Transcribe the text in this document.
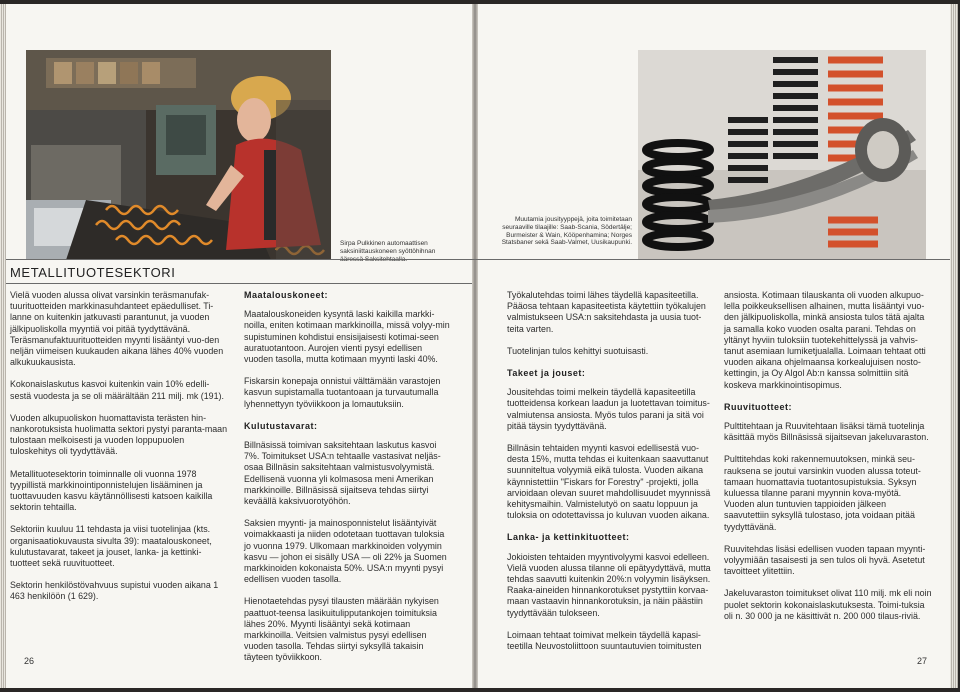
Sirpa Pulkkinen automaattisen saksiniittauskoneen syöttöhihnan
Muutamia jousityyppejä, joita toimitetaan seuraaville tilaajille: Saab-Scania, Södertälje; Burmeister & Wain, Kööpenhamina; Norges Statsbaner sekä Saab-Valmet, Uusikaupunki.
METALLITUOTESEKTORI

Vielä vuoden alussa olivat varsinkin teräsmanufak-tuurituotteiden markkinasuhdanteet epäedulliset. Ti-lanne on kuitenkin jatkuvasti parantunut, ja vuoden jälkipuoliskolla myyntiä voi pitää tyydyttävänä. Teräsmanufaktuurituotteiden myynti lisääntyi vuo-den neljän viimeisen kuukauden aikana lähes 40% vuoden alkukuukausista.

Kokonaislaskutus kasvoi kuitenkin vain 10% edelli-sestä vuodesta ja se oli määrältään 211 milj. mk (191).

Vuoden alkupuoliskon huomattavista terästen hin-nankorotuksista huolimatta sektori pystyi paranta-maan tulostaan melkoisesti ja vuoden loppupuolen tuloskehitys oli tyydyttävää.

Metallituotesektorin toiminnalle oli vuonna 1978 tyypillistä markkinointiponnistelujen lisääminen ja tuottavuuden kasvu käytännöllisesti katsoen kaikilla sektorin tehtailla.

Sektoriin kuuluu 11 tehdasta ja viisi tuotelinjaa (kts. organisaatiokuvausta sivulta 39): maatalouskoneet, kulutustavarat, takeet ja jouset, lanka- ja kettinki-tuotteet sekä ruuvituotteet.

Sektorin henkilöstövahvuus supistui vuoden aikana 1 463 henkilöön (1 629).

Maatalouskoneet:

Maatalouskoneiden kysyntä laski kaikilla markki-noilla, eniten kotimaan markkinoilla, missä volyy-min supistuminen kohdistui ensisijaisesti kotimai-seen auratuotantoon. Aurojen vienti pysyi edellisen vuoden tasolla, mutta kotimaan myynti laski 40%.

Fiskarsin konepaja onnistui välttämään varastojen kasvun supistamalla tuotantoaan ja turvautumalla lyhennettyyn työviikkoon ja lomautuksiin.

Kulutustavarat:

Billnäsissä toimivan saksitehtaan laskutus kasvoi 7%. Toimitukset USA:n tehtaalle vastasivat neljäs-osaa Billnäsin saksitehtaan valmistusvolyymistä. Edellisenä vuonna yli kolmasosa meni Amerikan markkinoille. Billnäsissä sijaitseva tehdas siirtyi keväällä kaksivuorotyöhön.

Saksien myynti- ja mainosponnistelut lisääntyivät voimakkaasti ja niiden odotetaan tuottavan tuloksia jo vuonna 1979. Ulkomaan markkinoiden volyymin kasvu — johon ei sisälly USA — oli 22% ja Suomen markkinoiden kokonaista 50%. USA:n myynti pysyi edellisen vuoden tasolla.

Hienotaetehdas pysyi tilausten määrään nykyisen paattuot-teensa lasikuitulipputankojen toimituksia lähes 20%. Myynti lisääntyi sekä kotimaan markkinoilla. Veitsien valmistus pysyi edellisen vuoden tasolla. Tehdas siirtyi syksyllä takaisin täyteen työviikkoon.

Työkalutehdas toimi lähes täydellä kapasiteetilla. Pääosa tehtaan kapasiteetista käytettiin työkalujen valmistukseen USA:n saksitehdasta ja uusia tuot-teita varten.

Tuotelinjan tulos kehittyi suotuisasti.

Takeet ja jouset:

Jousitehdas toimi melkein täydellä kapasiteetilla tuotteidensa korkean laadun ja luotettavan toimitus-valmiutensa ansiosta. Myös tulos parani ja sitä voi pitää täysin tyydyttävänä.

Billnäsin tehtaiden myynti kasvoi edellisestä vuo-desta 15%, mutta tehdas ei kuitenkaan saavuttanut suunniteltua volyymiä eikä tulosta. Vuoden aikana käynnistettiin "Fiskars for Forestry" -projekti, jolla arvioidaan olevan suuret mahdollisuudet myynnissä kehitysmaihin. Valmistelutyö on saatu loppuun ja tuloksia on odotettavissa jo kuluvan vuoden aikana.

Lanka- ja kettinkituotteet:

Jokioisten tehtaiden myyntivolyymi kasvoi edelleen. Vielä vuoden alussa tilanne oli epätyydyttävä, mutta tehdas saavutti kuitenkin 20%:n volyymin lisäyksen. Raaka-aineiden hinnankorotukset pystyttiin korvaa-maan vastaavin hinnankorotuksin, ja näin päästiin tyydyttävään tulokseen.

Loimaan tehtaat toimivat melkein täydellä kapasi-teetilla Neuvostoliittoon suuntautuvien toimitusten

ansiosta. Kotimaan tilauskanta oli vuoden alkupuo-lella poikkeuksellisen alhainen, mutta lisääntyi vuo-den jälkipuoliskolla, minkä ansiosta tulos tätä ajalta ja samalla koko vuoden osalta parani. Tehdas on yltänyt hyviin tuloksiin tuotekehittelyssä ja vahvis-tanut asemiaan lumiketjualalla. Loimaan tehtaat otti vuoden aikana ohjelmaansa korkealujuisen nosto-kettingin, ja Oy Algol Ab:n kanssa solmittiin sitä koskeva markkinointisopimus.

Ruuvituotteet:

Pulttitehtaan ja Ruuvitehtaan lisäksi tämä tuotelinja käsittää myös Billnäsissä sijaitsevan jakeluvaraston.

Pulttitehdas koki rakennemuutoksen, minkä seu-rauksena se joutui varsinkin vuoden alussa toteut-tamaan huomattavia tuotantosupistuksia. Syksyn kuluessa tilanne parani myynnin kova-myötä. Vuoden alun tuntuvien tappioiden jälkeen saavutettiin syksyllä tulostaso, jota voidaan pitää tyydyttävänä.

Ruuvitehdas lisäsi edellisen vuoden tapaan myynti-volyymiään tasaisesti ja sen tulos oli hyvä. Asetetut tavoitteet ylitettiin.

Jakeluvaraston toimitukset olivat 110 milj. mk eli noin puolet sektorin kokonaislaskutuksesta. Toimi-tuksia oli n. 30 000 ja ne käsittivät n. 200 000 tilaus-riviä.

26	27
